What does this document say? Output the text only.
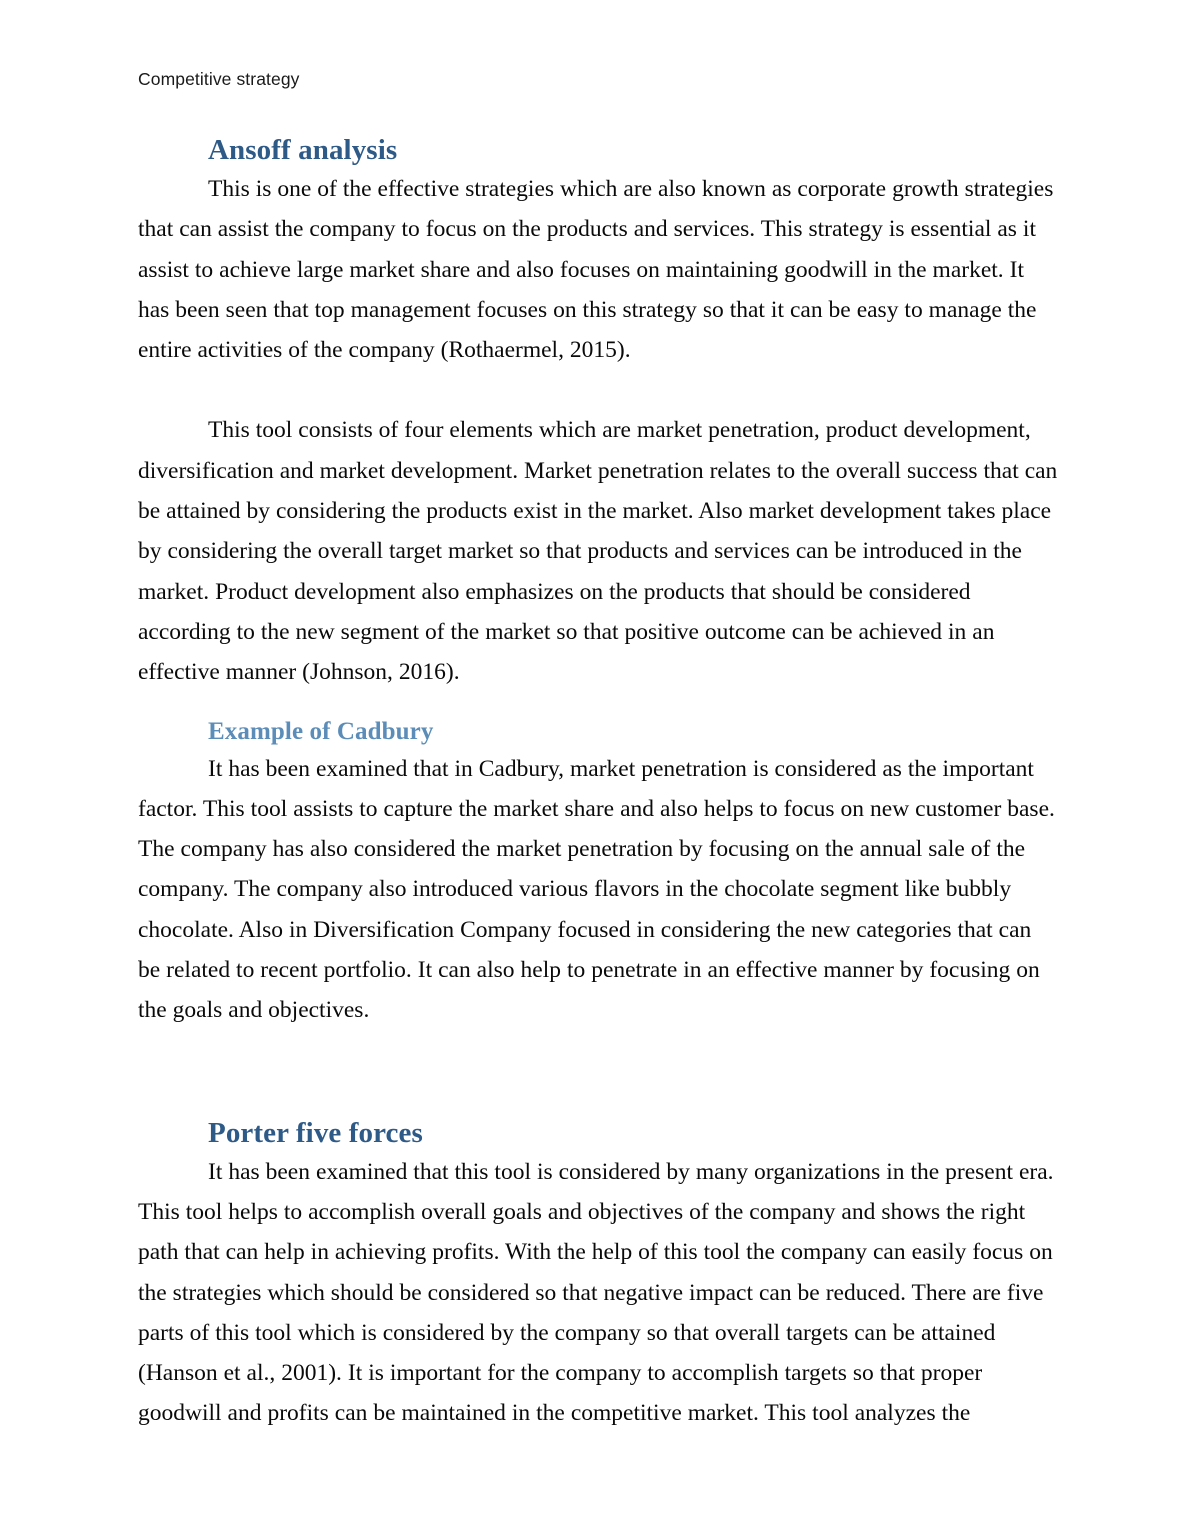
Competitive strategy
Ansoff analysis

This is one of the effective strategies which are also known as corporate growth strategies that can assist the company to focus on the products and services. This strategy is essential as it assist to achieve large market share and also focuses on maintaining goodwill in the market. It has been seen that top management focuses on this strategy so that it can be easy to manage the entire activities of the company (Rothaermel, 2015).

This tool consists of four elements which are market penetration, product development, diversification and market development. Market penetration relates to the overall success that can be attained by considering the products exist in the market. Also market development takes place by considering the overall target market so that products and services can be introduced in the market. Product development also emphasizes on the products that should be considered according to the new segment of the market so that positive outcome can be achieved in an effective manner (Johnson, 2016).

Example of Cadbury

It has been examined that in Cadbury, market penetration is considered as the important factor. This tool assists to capture the market share and also helps to focus on new customer base. The company has also considered the market penetration by focusing on the annual sale of the company. The company also introduced various flavors in the chocolate segment like bubbly chocolate. Also in Diversification Company focused in considering the new categories that can be related to recent portfolio. It can also help to penetrate in an effective manner by focusing on the goals and objectives.

Porter five forces

It has been examined that this tool is considered by many organizations in the present era. This tool helps to accomplish overall goals and objectives of the company and shows the right path that can help in achieving profits. With the help of this tool the company can easily focus on the strategies which should be considered so that negative impact can be reduced. There are five parts of this tool which is considered by the company so that overall targets can be attained (Hanson et al., 2001). It is important for the company to accomplish targets so that proper goodwill and profits can be maintained in the competitive market. This tool analyzes the
